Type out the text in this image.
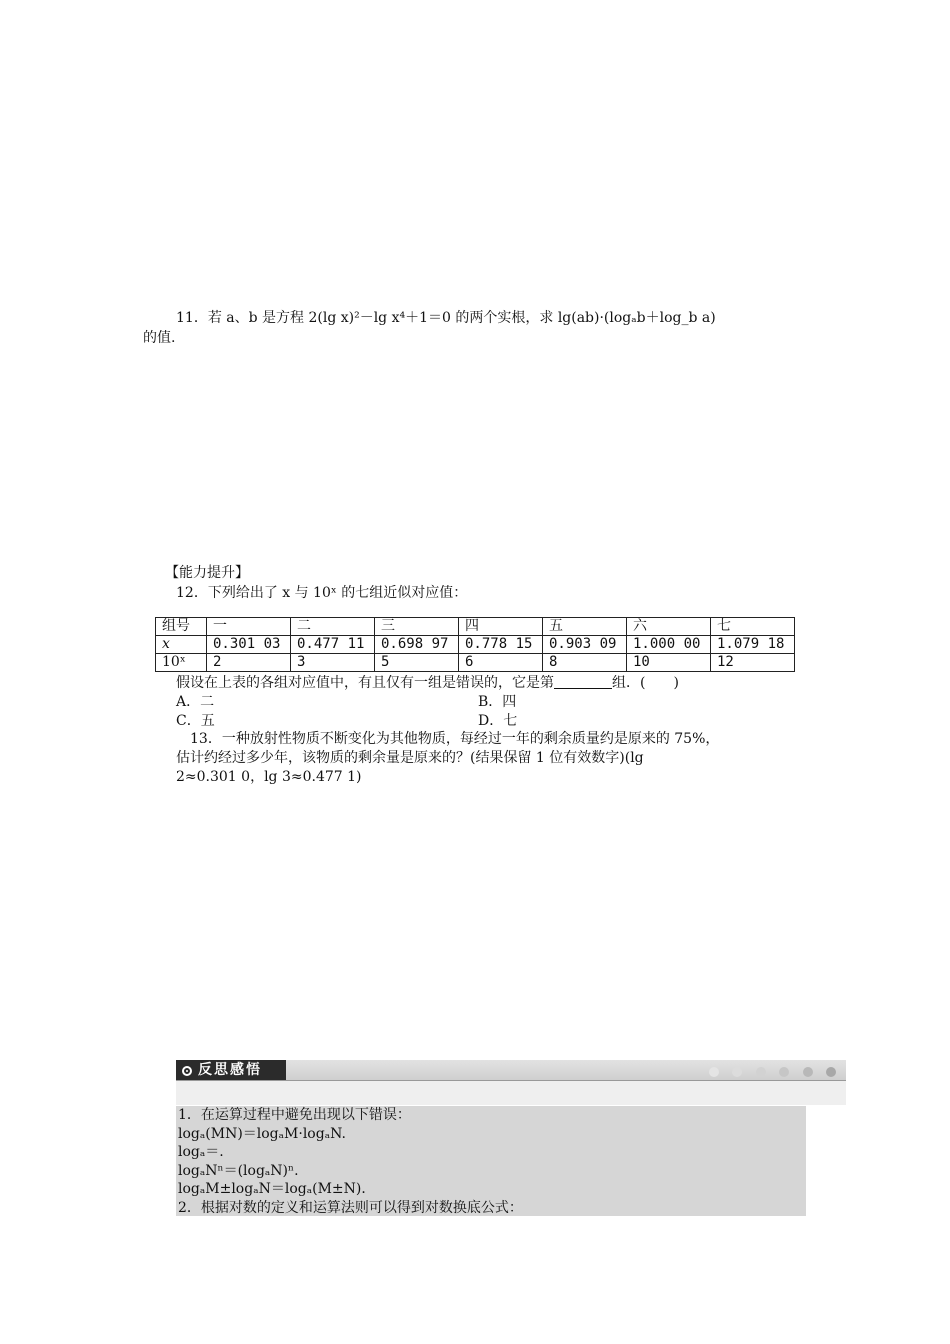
11．若 a、b 是方程 2(lg x)²－lg x⁴＋1＝0 的两个实根，求 lg(ab)·(logₐb＋log_b a)
的值.
【能力提升】
12．下列给出了 x 与 10ˣ 的七组近似对应值：
组号	一	二	三	四	五	六	七
x	0.301 03	0.477 11	0.698 97	0.778 15	0.903 09	1.000 00	1.079 18
10ˣ	2	3	5	6	8	10	12
假设在上表的各组对应值中，有且仅有一组是错误的，它是第	组．(　　)
A．二	B．四
C．五	D．七
13．一种放射性物质不断变化为其他物质，每经过一年的剩余质量约是原来的 75%，
估计约经过多少年，该物质的剩余量是原来的？(结果保留 1 位有效数字)(lg
2≈0.301 0，lg 3≈0.477 1)
反思感悟

1．在运算过程中避免出现以下错误：
logₐ(MN)＝logₐM·logₐN.
logₐ＝.
logₐNⁿ＝(logₐN)ⁿ.
logₐM±logₐN＝logₐ(M±N)．
2．根据对数的定义和运算法则可以得到对数换底公式：
